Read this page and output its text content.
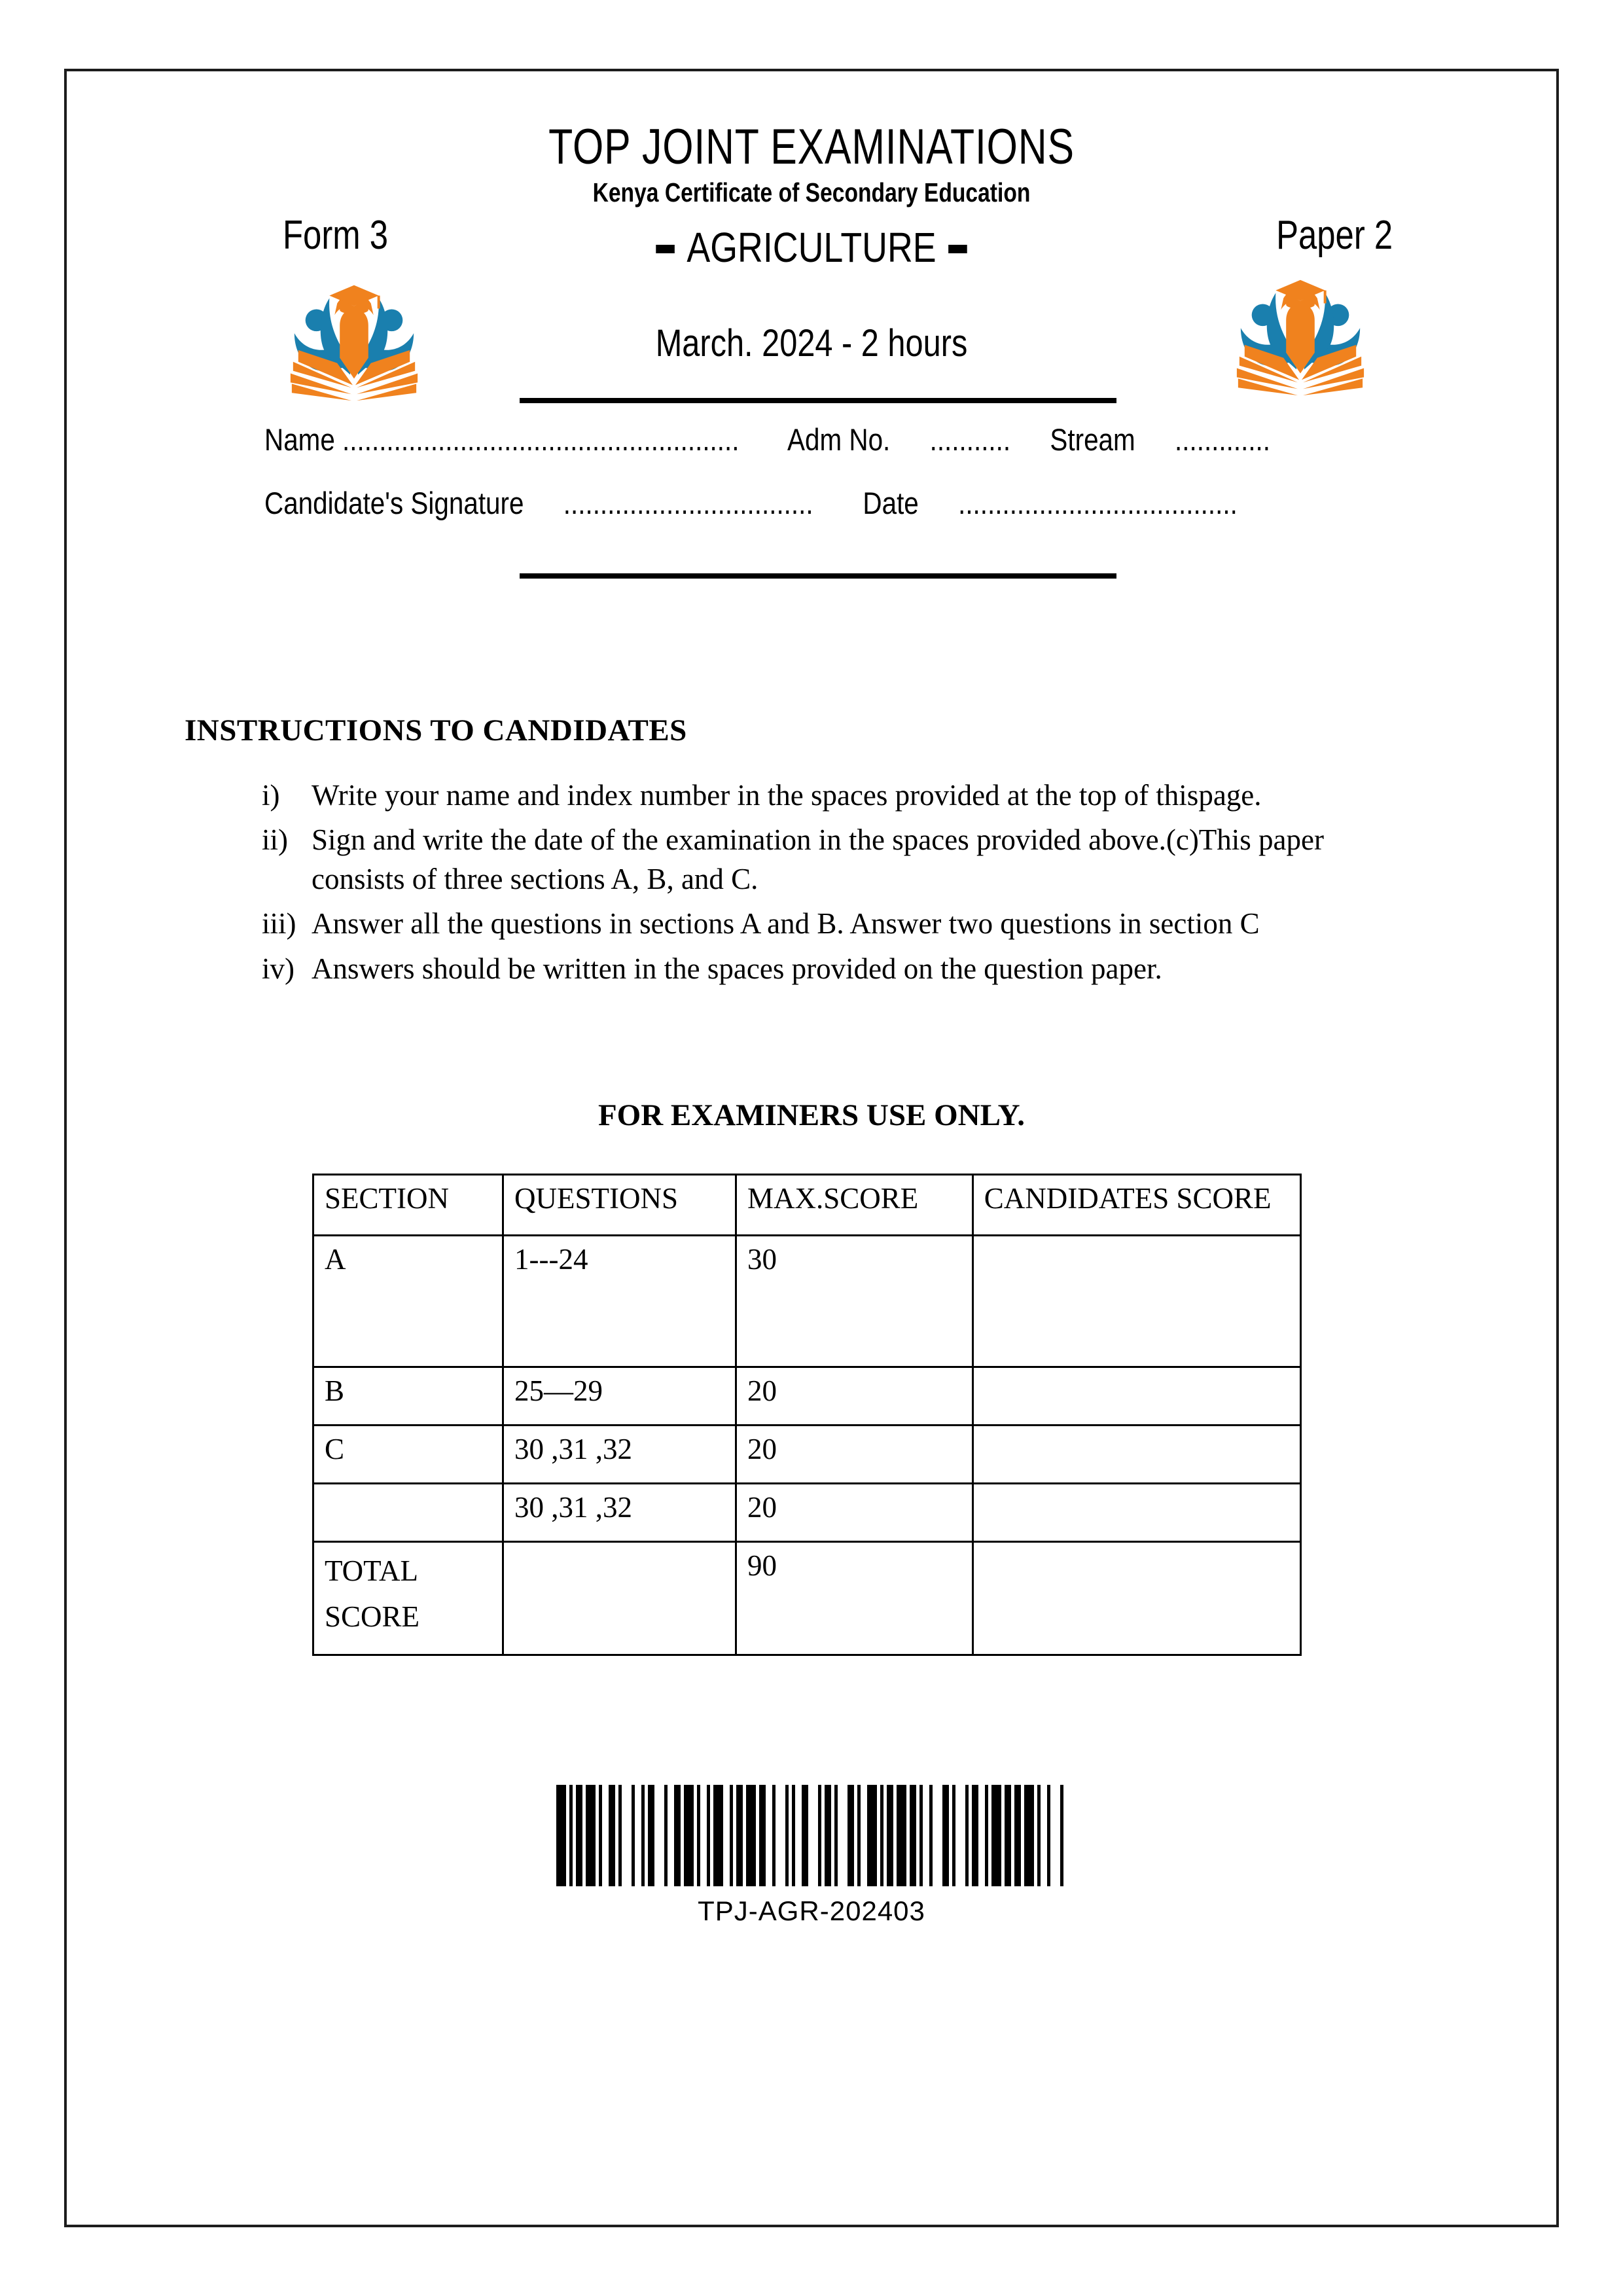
TOP JOINT EXAMINATIONS
Kenya Certificate of Secondary Education
Form 3	Paper 2
AGRICULTURE
March. 2024 - 2 hours
Name ...................................................... Adm No. ........... Stream .............
Candidate's Signature .................................. Date ......................................
INSTRUCTIONS TO CANDIDATES
i)	Write your name and index number in the spaces provided at the top of thispage.
ii) Sign and write the date of the examination in the spaces provided above.(c)This paper consists of three sections A, B, and C.
iii) Answer all the questions in sections A and B. Answer two questions in section C
iv) Answers should be written in the spaces provided on the question paper.
FOR EXAMINERS USE ONLY.
SECTION	QUESTIONS	MAX.SCORE	CANDIDATES SCORE
A	1---24	30	
B	25—29	20	
C	30 ,31 ,32	20	
	30 ,31 ,32	20	
TOTAL SCORE		90	
TPJ-AGR-202403
